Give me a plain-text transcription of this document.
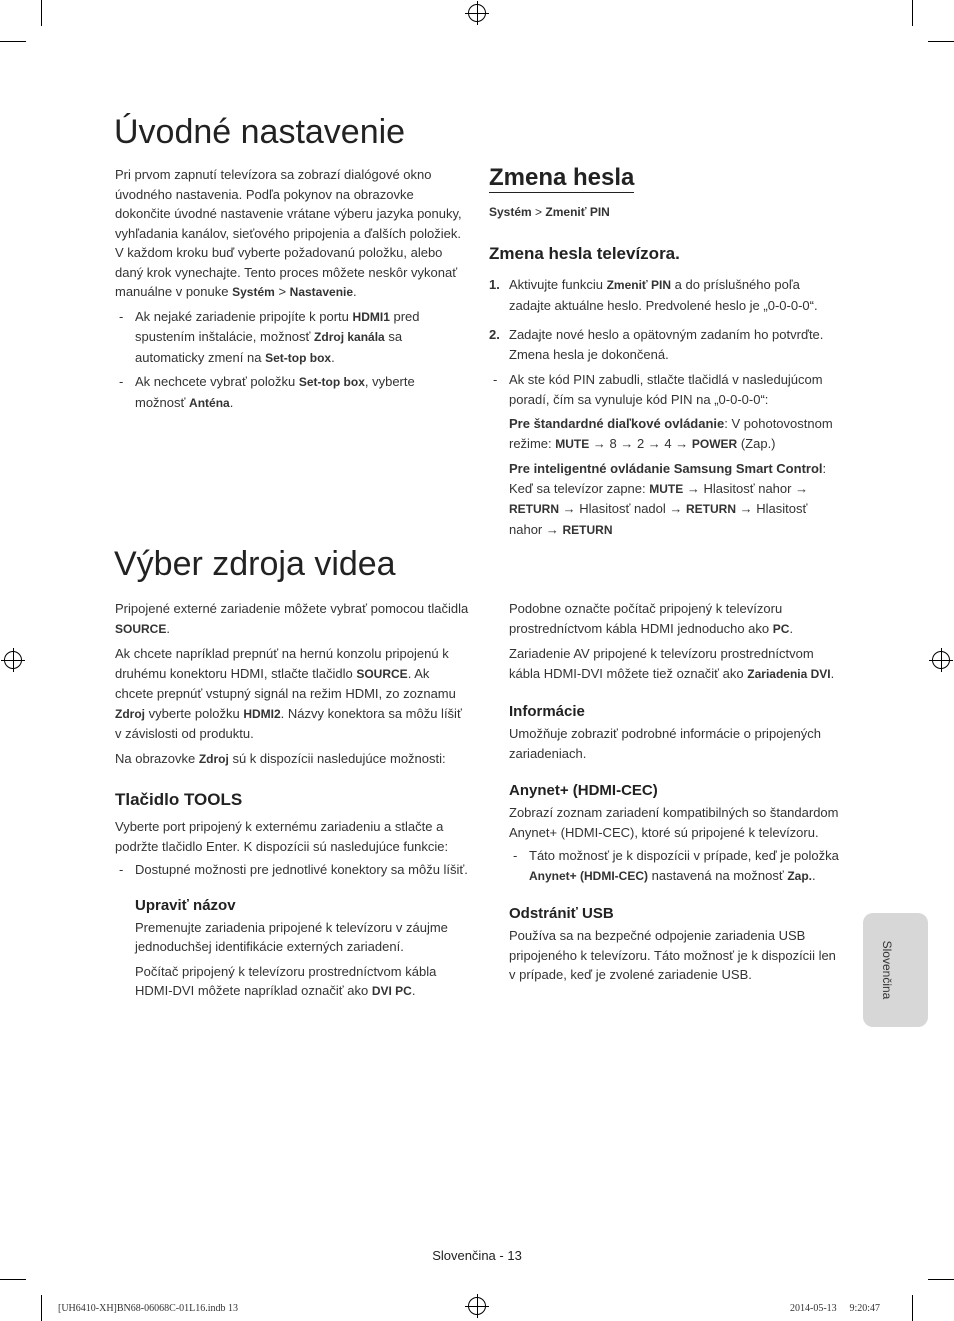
Úvodné nastavenie

Pri prvom zapnutí televízora sa zobrazí dialógové okno úvodného nastavenia. Podľa pokynov na obrazovke dokončite úvodné nastavenie vrátane výberu jazyka ponuky, vyhľadania kanálov, sieťového pripojenia a ďalších položiek. V každom kroku buď vyberte požadovanú položku, alebo daný krok vynechajte. Tento proces môžete neskôr vykonať manuálne v ponuke Systém > Nastavenie.

- Ak nejaké zariadenie pripojíte k portu HDMI1 pred spustením inštalácie, možnosť Zdroj kanála sa automaticky zmení na Set-top box.

- Ak nechcete vybrať položku Set-top box, vyberte možnosť Anténa.

Zmena hesla
Systém > Zmeniť PIN
Zmena hesla televízora.

1. Aktivujte funkciu Zmeniť PIN a do príslušného poľa zadajte aktuálne heslo. Predvolené heslo je „0-0-0-0“.

2. Zadajte nové heslo a opätovným zadaním ho potvrďte. Zmena hesla je dokončená.

- Ak ste kód PIN zabudli, stlačte tlačidlá v nasledujúcom poradí, čím sa vynuluje kód PIN na „0-0-0-0“:

Pre štandardné diaľkové ovládanie: V pohotovostnom režime: MUTE → 8 → 2 → 4 → POWER (Zap.)

Pre inteligentné ovládanie Samsung Smart Control: Keď sa televízor zapne: MUTE → Hlasitosť nahor → RETURN → Hlasitosť nadol → RETURN → Hlasitosť nahor → RETURN

Výber zdroja videa

Pripojené externé zariadenie môžete vybrať pomocou tlačidla SOURCE.

Ak chcete napríklad prepnúť na hernú konzolu pripojenú k druhému konektoru HDMI, stlačte tlačidlo SOURCE. Ak chcete prepnúť vstupný signál na režim HDMI, zo zoznamu Zdroj vyberte položku HDMI2. Názvy konektora sa môžu líšiť v závislosti od produktu.

Na obrazovke Zdroj sú k dispozícii nasledujúce možnosti:

Tlačidlo TOOLS

Vyberte port pripojený k externému zariadeniu a stlačte a podržte tlačidlo Enter. K dispozícii sú nasledujúce funkcie:

- Dostupné možnosti pre jednotlivé konektory sa môžu líšiť.

Upraviť názov

Premenujte zariadenia pripojené k televízoru v záujme jednoduchšej identifikácie externých zariadení.

Počítač pripojený k televízoru prostredníctvom kábla HDMI-DVI môžete napríklad označiť ako DVI PC.

Podobne označte počítač pripojený k televízoru prostredníctvom kábla HDMI jednoducho ako PC.

Zariadenie AV pripojené k televízoru prostredníctvom kábla HDMI-DVI môžete tiež označiť ako Zariadenia DVI.

Informácie

Umožňuje zobraziť podrobné informácie o pripojených zariadeniach.

Anynet+ (HDMI-CEC)

Zobrazí zoznam zariadení kompatibilných so štandardom Anynet+ (HDMI-CEC), ktoré sú pripojené k televízoru.

- Táto možnosť je k dispozícii v prípade, keď je položka Anynet+ (HDMI-CEC) nastavená na možnosť Zap..

Odstrániť USB

Používa sa na bezpečné odpojenie zariadenia USB pripojeného k televízoru. Táto možnosť je k dispozícii len v prípade, keď je zvolené zariadenie USB.	Slovenčina
Slovenčina - 13
[UH6410-XH]BN68-06068C-01L16.indb 13	2014-05-13   9:20:47
